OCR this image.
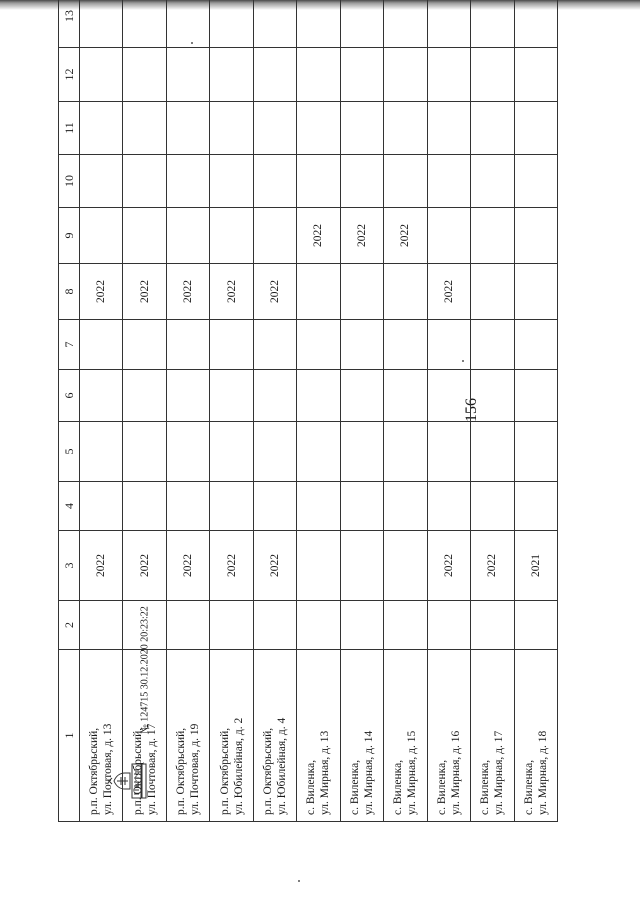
156
1	2	3	4	5	6	7	8	9	10	11	12	13

р.п. Октябрьский, ул. Почтовая, д. 13		2022					2022					

р.п. Октябрьский, ул. Почтовая, д. 17		2022					2022					

р.п. Октябрьский, ул. Почтовая, д. 19		2022					2022					

р.п. Октябрьский, ул. Юбилейная, д. 2		2022					2022					

р.п. Октябрьский, ул. Юбилейная, д. 4		2022					2022					

с. Виленка, ул. Мирная, д. 13								2022				

с. Виленка, ул. Мирная, д. 14								2022				

с. Виленка, ул. Мирная, д. 15								2022				

с. Виленка, ул. Мирная, д. 16		2022					2022					

с. Виленка, ул. Мирная, д. 17		2022										

с. Виленка, ул. Мирная, д. 18		2021										
№ 124715 30.12.2020 20:23:22
